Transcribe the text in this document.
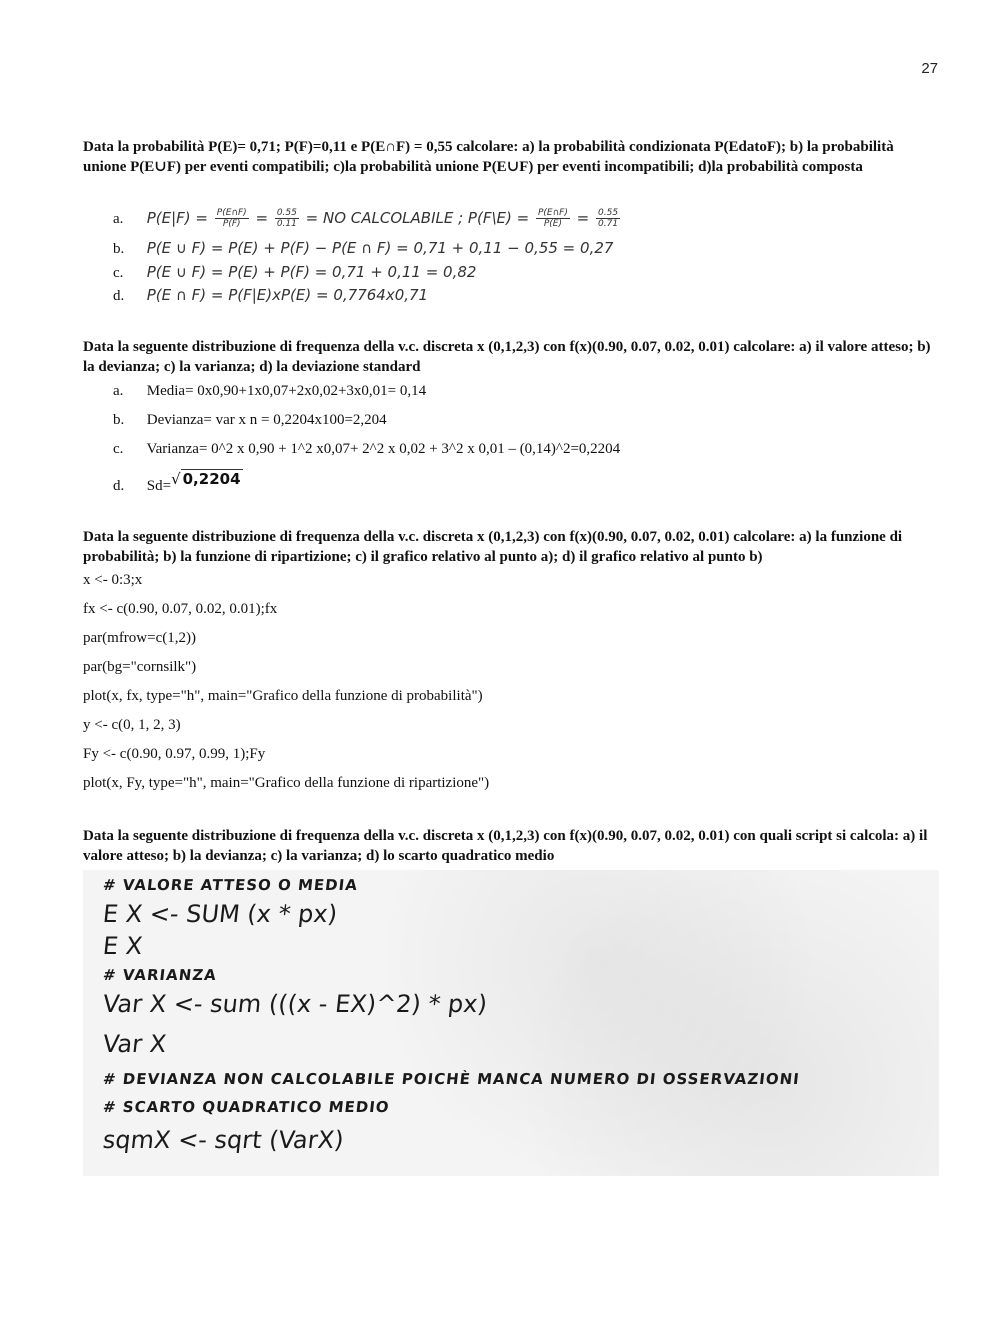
27

Data la probabilità P(E)= 0,71; P(F)=0,11 e P(E∩F) = 0,55 calcolare: a) la probabilità condizionata P(EdatoF); b) la probabilità unione P(E∪F) per eventi compatibili; c)la probabilità unione P(E∪F) per eventi incompatibili; d)la probabilità composta

a. $P(E|F) = \frac{P(E\cap F)}{P(F)} = \frac{0.55}{0.11}$ = NO CALCOLABILE ; P(F\E) = $\frac{P(E\cap F)}{P(E)} = \frac{0.55}{0.71}$
b. P(E ∪ F) = P(E) + P(F) − P(E ∩ F) = 0,71 + 0,11 − 0,55 = 0,27
c. P(E ∪ F) = P(E) + P(F) = 0,71 + 0,11 = 0,82
d. P(E ∩ F) = P(F|E)xP(E) = 0,7764x0,71

Data la seguente distribuzione di frequenza della v.c. discreta x (0,1,2,3) con f(x)(0.90, 0.07, 0.02, 0.01) calcolare: a) il valore atteso; b) la devianza; c) la varianza; d) la deviazione standard

a. Media= 0x0,90+1x0,07+2x0,02+3x0,01= 0,14
b. Devianza= var x n = 0,2204x100=2,204
c. Varianza= 0^2 x 0,90 + 1^2 x0,07+ 2^2 x 0,02 + 3^2 x 0,01 – (0,14)^2=0,2204
d. Sd=√ 0,2204

Data la seguente distribuzione di frequenza della v.c. discreta x (0,1,2,3) con f(x)(0.90, 0.07, 0.02, 0.01) calcolare: a) la funzione di probabilità; b) la funzione di ripartizione; c) il grafico relativo al punto a); d) il grafico relativo al punto b)

x <- 0:3;x
fx <- c(0.90, 0.07, 0.02, 0.01);fx
par(mfrow=c(1,2))
par(bg="cornsilk")
plot(x, fx, type="h", main="Grafico della funzione di probabilità")
y <- c(0, 1, 2, 3)
Fy <- c(0.90, 0.97, 0.99, 1);Fy
plot(x, Fy, type="h", main="Grafico della funzione di ripartizione")

Data la seguente distribuzione di frequenza della v.c. discreta x (0,1,2,3) con f(x)(0.90, 0.07, 0.02, 0.01) con quali script si calcola: a) il valore atteso; b) la devianza; c) la varianza; d) lo scarto quadratico medio

# VALORE ATTESO O MEDIA
E X <- SUM (x * px)
E X
# VARIANZA
Var X <- sum (((x - EX)^2) * px)
Var X
# DEVIANZA NON CALCOLABILE POICHÈ MANCA NUMERO DI OSSERVAZIONI
# SCARTO QUADRATICO MEDIO
sqmX <- sqrt (VarX)
